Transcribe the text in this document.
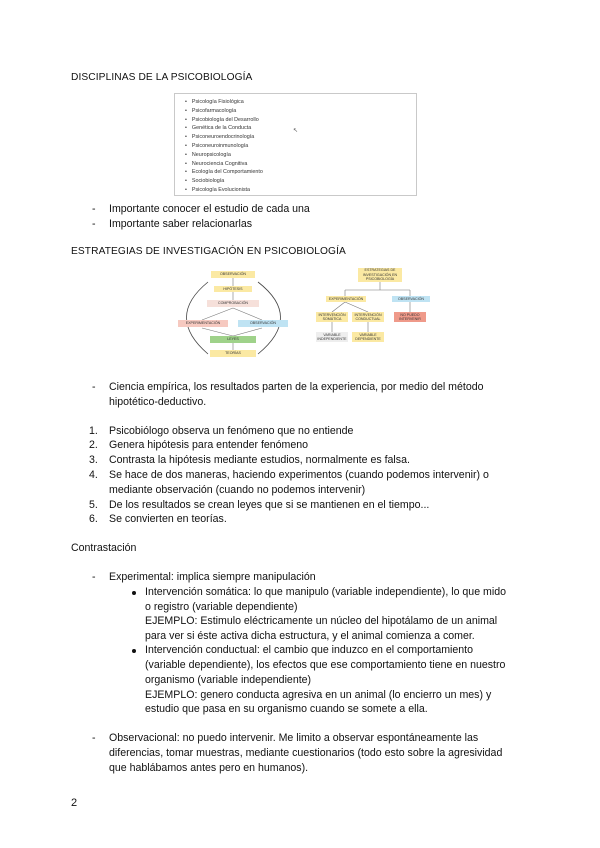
DISCIPLINAS DE LA PSICOBIOLOGÍA
• Psicología Fisiológica
• Psicofarmacología
• Psicobiología del Desarrollo
• Genética de la Conducta
• Psiconeuroendocrinología
• Psiconeuroinmunología
• Neuropsicología
• Neurociencia Cognitiva
• Ecología del Comportamiento
• Sociobiología
• Psicología Evolucionista
↖
- Importante conocer el estudio de cada una
- Importante saber relacionarlas
ESTRATEGIAS DE INVESTIGACIÓN EN PSICOBIOLOGÍA
OBSERVACIÓN
HIPÓTESIS
COMPROBACIÓN
EXPERIMENTACIÓN	OBSERVACIÓN
LEYES
TEORÍAS
ESTRATEGIAS DE INVESTIGACIÓN EN PSICOBIOLOGÍA
EXPERIMENTACIÓN	OBSERVACIÓN
INTERVENCIÓN SOMÁTICA
INTERVENCIÓN CONDUCTUAL
NO PUEDO INTERVENIR
VARIABLE INDEPENDIENTE
VARIABLE DEPENDIENTE
- Ciencia empírica, los resultados parten de la experiencia, por medio del método
hipotético-deductivo.
1. Psicobiólogo observa un fenómeno que no entiende
2. Genera hipótesis para entender fenómeno
3. Contrasta la hipótesis mediante estudios, normalmente es falsa.
4. Se hace de dos maneras, haciendo experimentos (cuando podemos intervenir) o
mediante observación (cuando no podemos intervenir)
5. De los resultados se crean leyes que si se mantienen en el tiempo...
6. Se convierten en teorías.
Contrastación
- Experimental: implica siempre manipulación
Intervención somática: lo que manipulo (variable independiente), lo que mido
o registro (variable dependiente)
EJEMPLO: Estimulo eléctricamente un núcleo del hipotálamo de un animal
para ver si éste activa dicha estructura, y el animal comienza a comer.
Intervención conductual: el cambio que induzco en el comportamiento
(variable dependiente), los efectos que ese comportamiento tiene en nuestro
organismo (variable independiente)
EJEMPLO: genero conducta agresiva en un animal (lo encierro un mes) y
estudio que pasa en su organismo cuando se somete a ella.
- Observacional: no puedo intervenir. Me limito a observar espontáneamente las
diferencias, tomar muestras, mediante cuestionarios (todo esto sobre la agresividad
que hablábamos antes pero en humanos).
2
